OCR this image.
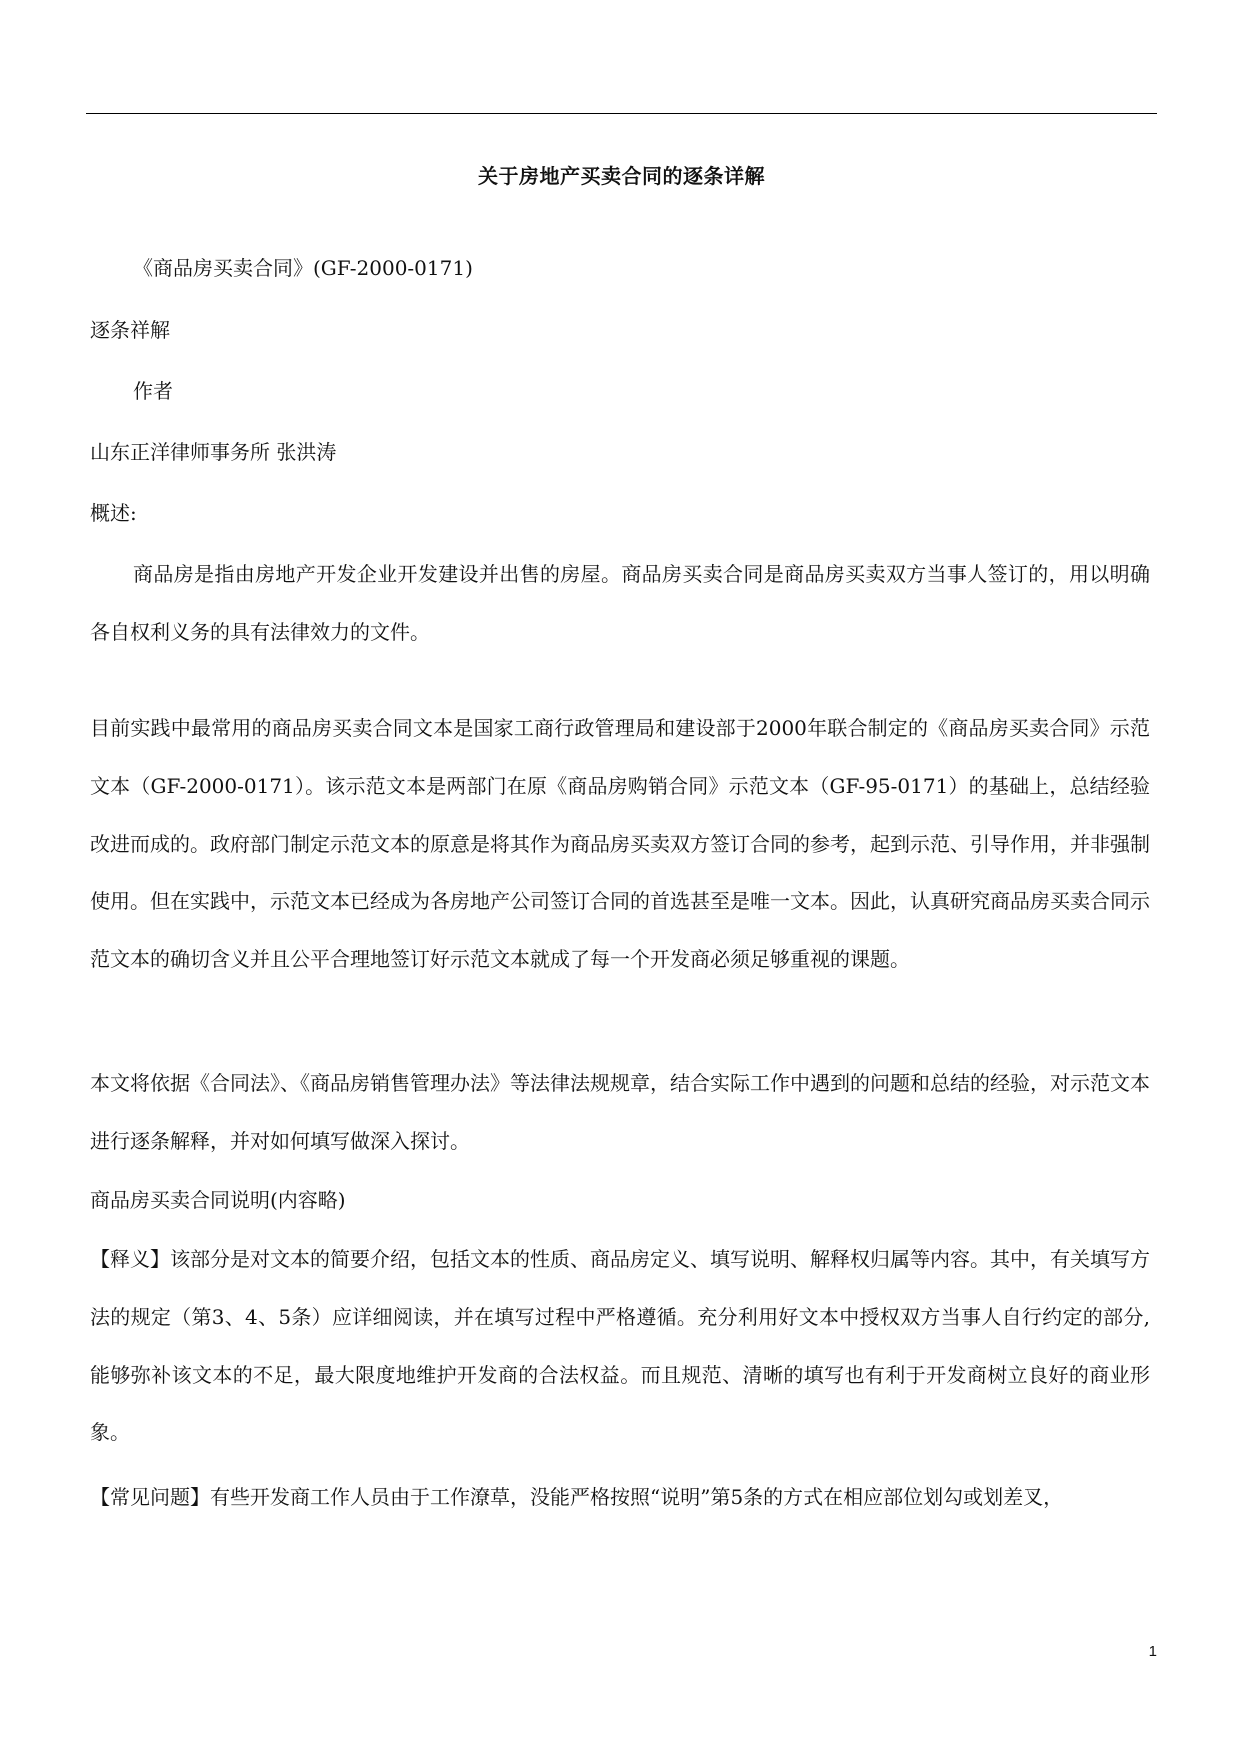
关于房地产买卖合同的逐条详解

《商品房买卖合同》(GF-2000-0171)

逐条祥解

作者

山东正洋律师事务所 张洪涛

概述:

商品房是指由房地产开发企业开发建设并出售的房屋。商品房买卖合同是商品房买卖双方当事人签订的，用以明确各自权利义务的具有法律效力的文件。

目前实践中最常用的商品房买卖合同文本是国家工商行政管理局和建设部于2000年联合制定的《商品房买卖合同》示范文本（GF-2000-0171）。该示范文本是两部门在原《商品房购销合同》示范文本（GF-95-0171）的基础上，总结经验改进而成的。政府部门制定示范文本的原意是将其作为商品房买卖双方签订合同的参考，起到示范、引导作用，并非强制使用。但在实践中，示范文本已经成为各房地产公司签订合同的首选甚至是唯一文本。因此，认真研究商品房买卖合同示范文本的确切含义并且公平合理地签订好示范文本就成了每一个开发商必须足够重视的课题。

本文将依据《合同法》、《商品房销售管理办法》等法律法规规章，结合实际工作中遇到的问题和总结的经验，对示范文本进行逐条解释，并对如何填写做深入探讨。

商品房买卖合同说明(内容略)

【释义】该部分是对文本的简要介绍，包括文本的性质、商品房定义、填写说明、解释权归属等内容。其中，有关填写方法的规定（第3、4、5条）应详细阅读，并在填写过程中严格遵循。充分利用好文本中授权双方当事人自行约定的部分,能够弥补该文本的不足，最大限度地维护开发商的合法权益。而且规范、清晰的填写也有利于开发商树立良好的商业形象。

【常见问题】有些开发商工作人员由于工作潦草，没能严格按照“说明”第5条的方式在相应部位划勾或划差叉，

1
